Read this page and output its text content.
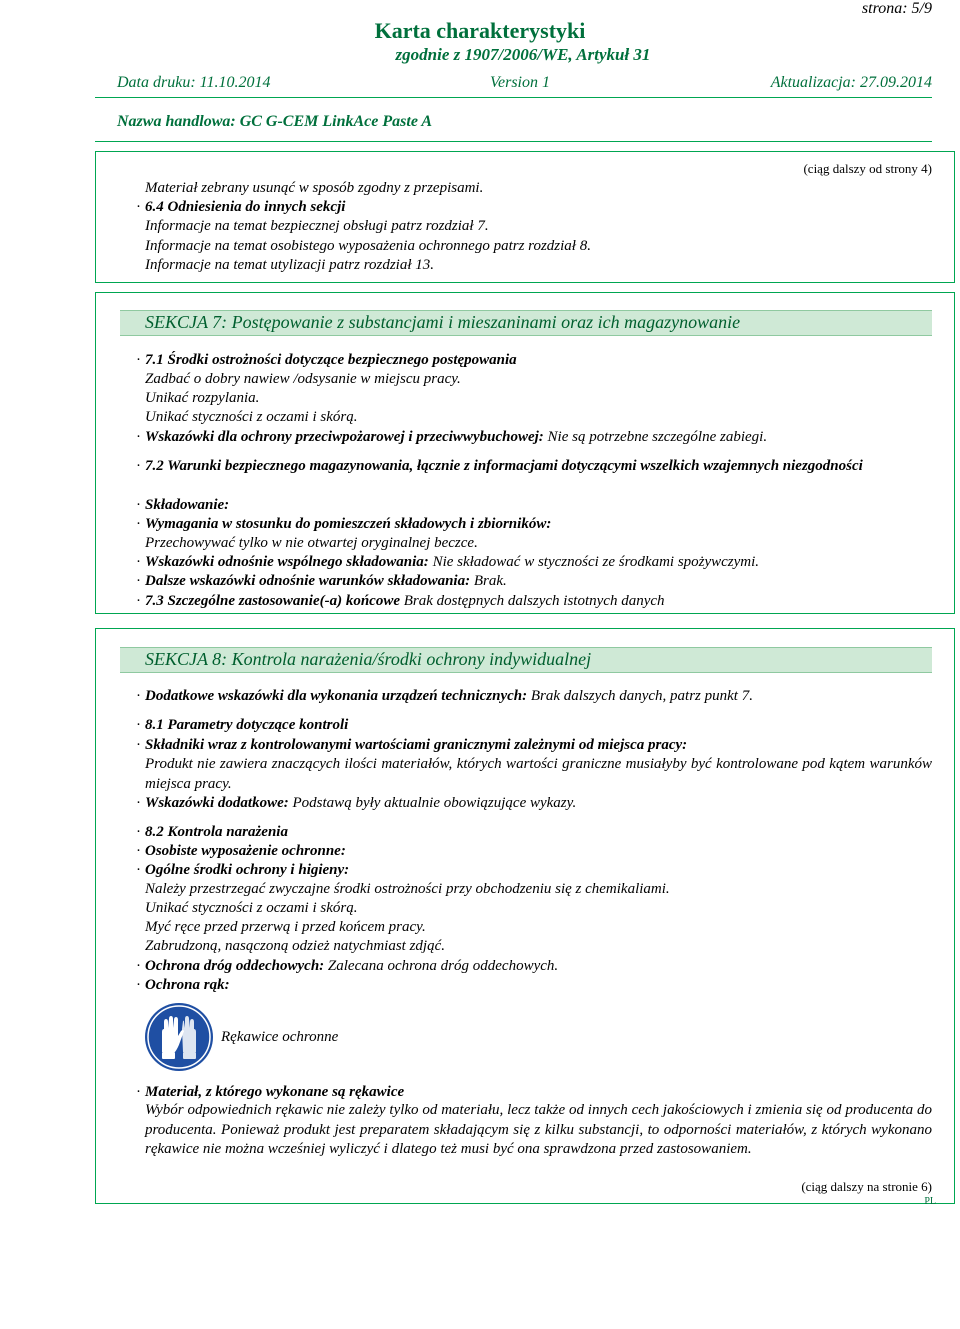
strona: 5/9
Karta charakterystyki
zgodnie z 1907/2006/WE, Artykuł 31
Data druku: 11.10.2014	Version 1	Aktualizacja: 27.09.2014
Nazwa handlowa: GC G-CEM LinkAce Paste A
(ciąg dalszy od strony 4)
Materiał zebrany usunąć w sposób zgodny z przepisami.
· 6.4 Odniesienia do innych sekcji
Informacje na temat bezpiecznej obsługi patrz rozdział 7.
Informacje na temat osobistego wyposażenia ochronnego patrz rozdział 8.
Informacje na temat utylizacji patrz rozdział 13.
SEKCJA 7: Postępowanie z substancjami i mieszaninami oraz ich magazynowanie
· 7.1 Środki ostrożności dotyczące bezpiecznego postępowania
Zadbać o dobry nawiew /odsysanie w miejscu pracy.
Unikać rozpylania.
Unikać styczności z oczami i skórą.
· Wskazówki dla ochrony przeciwpożarowej i przeciwwybuchowej: Nie są potrzebne szczególne zabiegi.
· 7.2 Warunki bezpiecznego magazynowania, łącznie z informacjami dotyczącymi wszelkich wzajemnych niezgodności
· Składowanie:
· Wymagania w stosunku do pomieszczeń składowych i zbiorników:
Przechowywać tylko w nie otwartej oryginalnej beczce.
· Wskazówki odnośnie wspólnego składowania: Nie składować w styczności ze środkami spożywczymi.
· Dalsze wskazówki odnośnie warunków składowania: Brak.
· 7.3 Szczególne zastosowanie(-a) końcowe Brak dostępnych dalszych istotnych danych
SEKCJA 8: Kontrola narażenia/środki ochrony indywidualnej
· Dodatkowe wskazówki dla wykonania urządzeń technicznych: Brak dalszych danych, patrz punkt 7.
· 8.1 Parametry dotyczące kontroli
· Składniki wraz z kontrolowanymi wartościami granicznymi zależnymi od miejsca pracy:
Produkt nie zawiera znaczących ilości materiałów, których wartości graniczne musiałyby być kontrolowane pod kątem warunków miejsca pracy.
· Wskazówki dodatkowe: Podstawą były aktualnie obowiązujące wykazy.
· 8.2 Kontrola narażenia
· Osobiste wyposażenie ochronne:
· Ogólne środki ochrony i higieny:
Należy przestrzegać zwyczajne środki ostrożności przy obchodzeniu się z chemikaliami.
Unikać styczności z oczami i skórą.
Myć ręce przed przerwą i przed końcem pracy.
Zabrudzoną, nasączoną odzież natychmiast zdjąć.
· Ochrona dróg oddechowych: Zalecana ochrona dróg oddechowych.
· Ochrona rąk:
Rękawice ochronne
· Materiał, z którego wykonane są rękawice
Wybór odpowiednich rękawic nie zależy tylko od materiału, lecz także od innych cech jakościowych i zmienia się od producenta do producenta. Ponieważ produkt jest preparatem składającym się z kilku substancji, to odporności materiałów, z których wykonano rękawice nie można wcześniej wyliczyć i dlatego też musi być ona sprawdzona przed zastosowaniem.
(ciąg dalszy na stronie 6)
PL
